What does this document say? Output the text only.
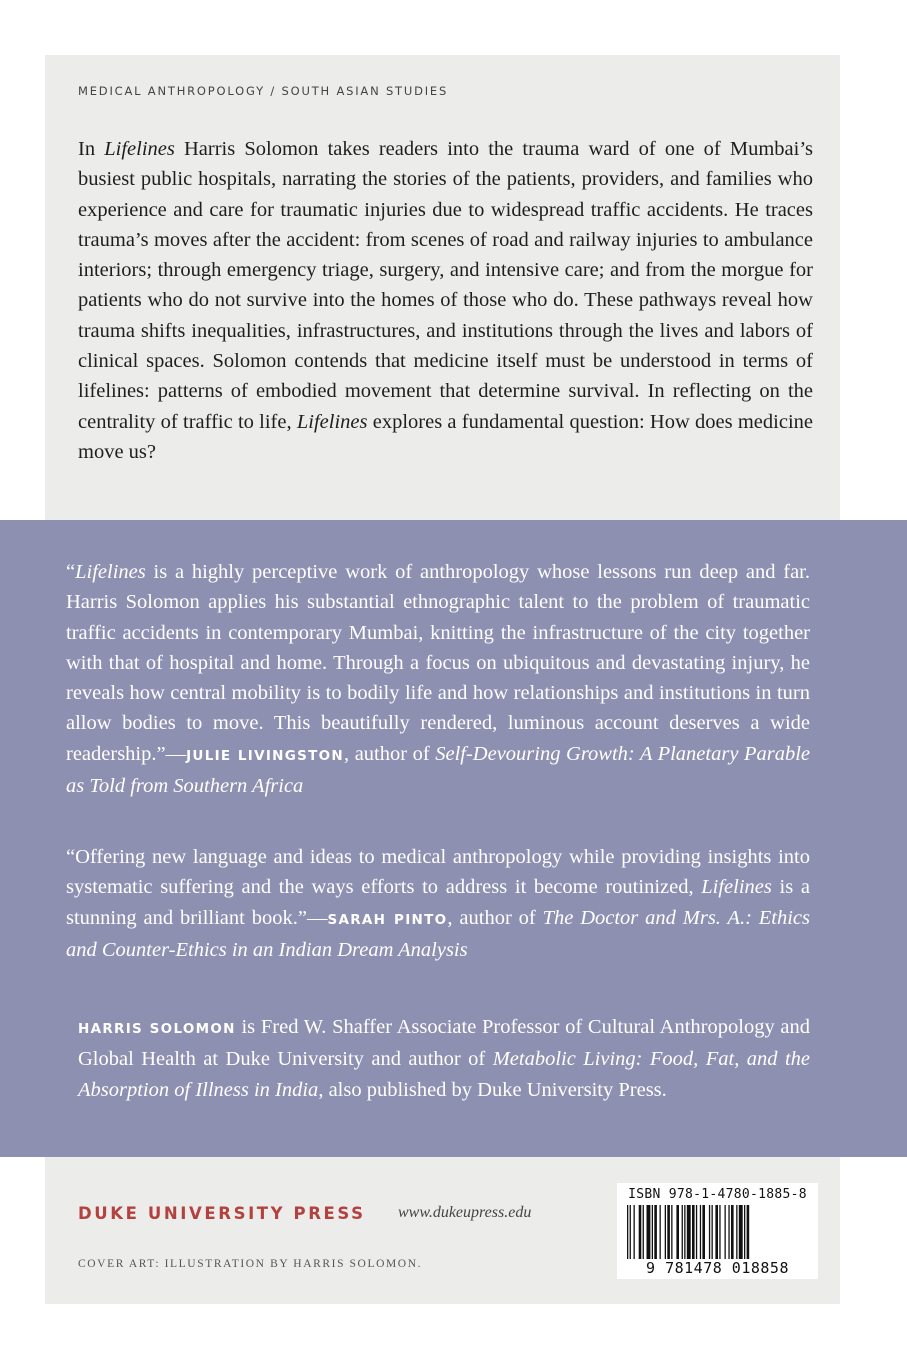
MEDICAL ANTHROPOLOGY / SOUTH ASIAN STUDIES

In Lifelines Harris Solomon takes readers into the trauma ward of one of Mumbai’s busiest public hospitals, narrating the stories of the patients, providers, and families who experience and care for traumatic injuries due to widespread traffic accidents. He traces trauma’s moves after the accident: from scenes of road and railway injuries to ambulance interiors; through emergency triage, surgery, and intensive care; and from the morgue for patients who do not survive into the homes of those who do. These pathways reveal how trauma shifts inequalities, infrastructures, and institutions through the lives and labors of clinical spaces. Solomon contends that medicine itself must be understood in terms of lifelines: patterns of embodied movement that determine survival. In reflecting on the centrality of traffic to life, Lifelines explores a fundamental question: How does medicine move us?

“Lifelines is a highly perceptive work of anthropology whose lessons run deep and far. Harris Solomon applies his substantial ethnographic talent to the problem of traumatic traffic accidents in contemporary Mumbai, knitting the infrastructure of the city together with that of hospital and home. Through a focus on ubiquitous and devastating injury, he reveals how central mobility is to bodily life and how relationships and institutions in turn allow bodies to move. This beautifully rendered, luminous account deserves a wide readership.”—JULIE LIVINGSTON, author of Self-Devouring Growth: A Planetary Parable as Told from Southern Africa

“Offering new language and ideas to medical anthropology while providing insights into systematic suffering and the ways efforts to address it become routinized, Lifelines is a stunning and brilliant book.”—SARAH PINTO, author of The Doctor and Mrs. A.: Ethics and Counter-Ethics in an Indian Dream Analysis

HARRIS SOLOMON is Fred W. Shaffer Associate Professor of Cultural Anthropology and Global Health at Duke University and author of Metabolic Living: Food, Fat, and the Absorption of Illness in India, also published by Duke University Press.

DUKE UNIVERSITY PRESS www.dukeupress.edu
COVER ART: ILLUSTRATION BY HARRIS SOLOMON.
ISBN 978-1-4780-1885-8
9 781478 018858
